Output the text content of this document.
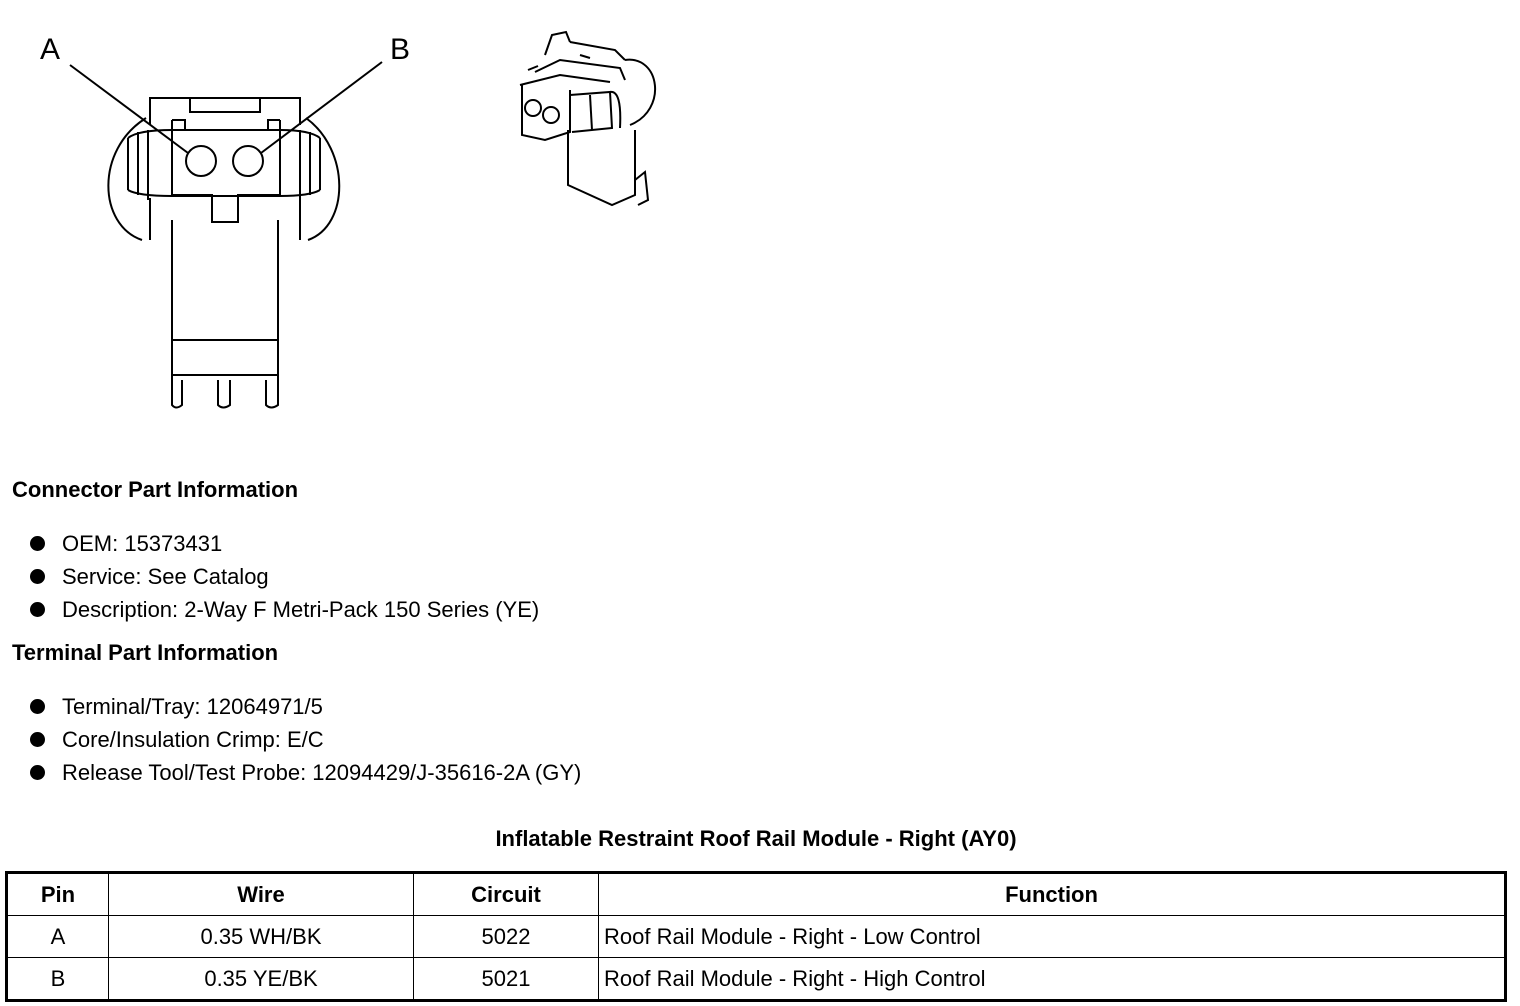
A	B
Connector Part Information
OEM: 15373431
Service: See Catalog
Description: 2-Way F Metri-Pack 150 Series (YE)
Terminal Part Information
Terminal/Tray: 12064971/5
Core/Insulation Crimp: E/C
Release Tool/Test Probe: 12094429/J-35616-2A (GY)
Inflatable Restraint Roof Rail Module - Right (AY0)
Pin	Wire	Circuit	Function
A	0.35 WH/BK	5022	Roof Rail Module - Right - Low Control
B	0.35 YE/BK	5021	Roof Rail Module - Right - High Control
